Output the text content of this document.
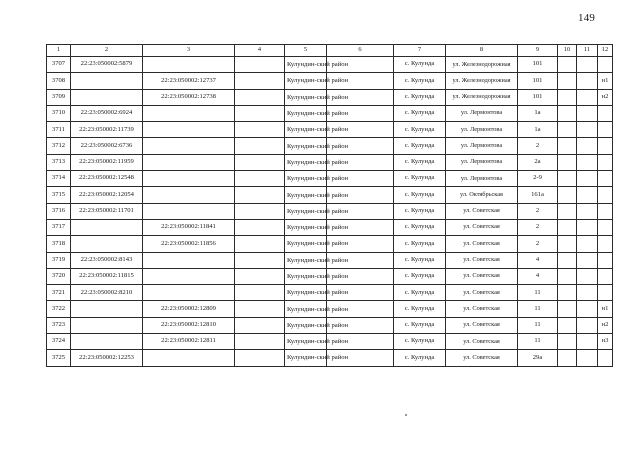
149
1	2	3	4	5	6	7	8	9	10	11	12
3707	22:23:050002:5879			Кулундин-ский район		с. Кулунда	ул. Железнодорожная	101			
3708		22:23:050002:12737		Кулундин-ский район		с. Кулунда	ул. Железнодорожная	101			н1
3709		22:23:050002:12738		Кулундин-ский район		с. Кулунда	ул. Железнодорожная	101			н2
3710	22:23:050002:6924			Кулундин-ский район		с. Кулунда	ул. Лермонтова	1а			
3711	22:23:050002:11739			Кулундин-ский район		с. Кулунда	ул. Лермонтова	1а			
3712	22:23:050002:6736			Кулундин-ский район		с. Кулунда	ул. Лермонтова	2			
3713	22:23:050002:11959			Кулундин-ский район		с. Кулунда	ул. Лермонтова	2а			
3714	22:23:050002:12548			Кулундин-ский район		с. Кулунда	ул. Лермонтова	2-9			
3715	22:23:050002:12054			Кулундин-ский район		с. Кулунда	ул. Октябрьская	161а			
3716	22:23:050002:11701			Кулундин-ский район		с. Кулунда	ул. Советская	2			
3717		22:23:050002:11841		Кулундин-ский район		с. Кулунда	ул. Советская	2			
3718		22:23:050002:11856		Кулундин-ский район		с. Кулунда	ул. Советская	2			
3719	22:23:050002:8143			Кулундин-ский район		с. Кулунда	ул. Советская	4			
3720	22:23:050002:11815			Кулундин-ский район		с. Кулунда	ул. Советская	4			
3721	22:23:050002:8210			Кулундин-ский район		с. Кулунда	ул. Советская	11			
3722		22:23:050002:12809		Кулундин-ский район		с. Кулунда	ул. Советская	11			н1
3723		22:23:050002:12810		Кулундин-ский район		с. Кулунда	ул. Советская	11			н2
3724		22:23:050002:12811		Кулундин-ский район		с. Кулунда	ул. Советская	11			н3
3725	22:23:050002:12253			Кулундин-ский район		с. Кулунда	ул. Советская	29а			
